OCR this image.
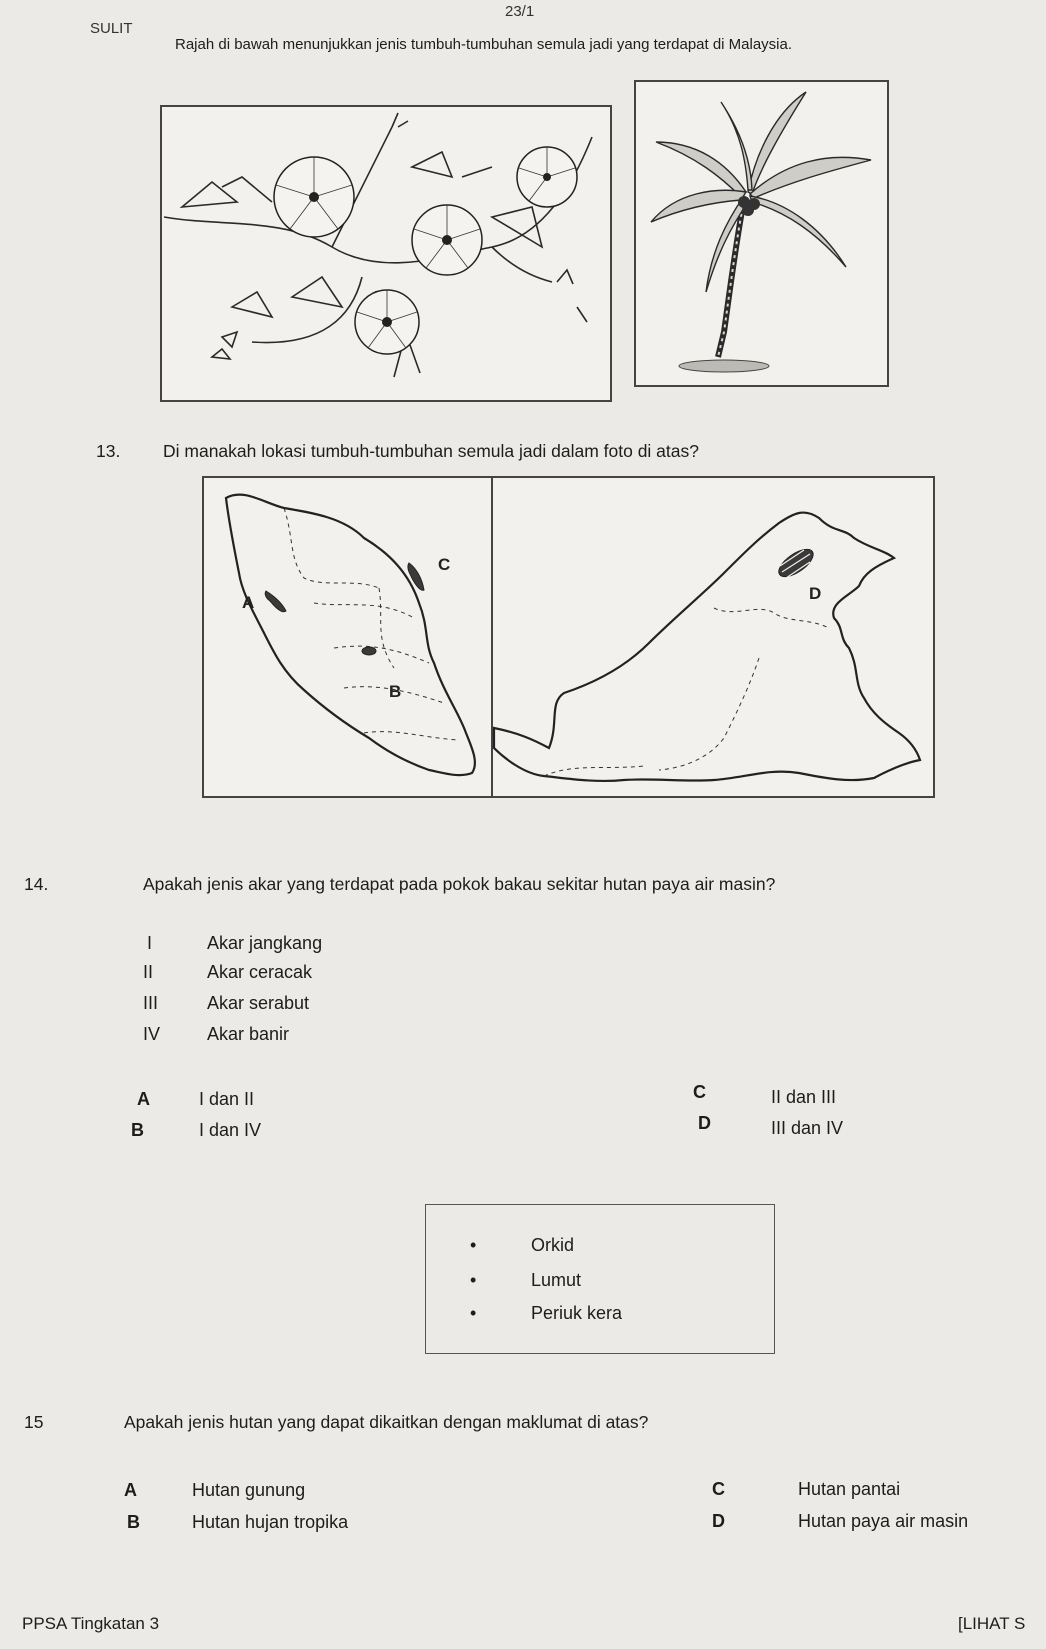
SULIT
23/1
Rajah di bawah menunjukkan jenis tumbuh-tumbuhan semula jadi yang terdapat di Malaysia.
13. Di manakah lokasi tumbuh-tumbuhan semula jadi dalam foto di atas?
A
B
C
D
14.	Apakah jenis akar yang terdapat pada pokok bakau sekitar hutan paya air masin?
I	Akar jangkang
II	Akar ceracak
III	Akar serabut
IV	Akar banir
A	I dan II
B	I dan IV
C	II dan III
D	III dan IV
•	Orkid
•	Lumut
•	Periuk kera
15	Apakah jenis hutan yang dapat dikaitkan dengan maklumat di atas?
A	Hutan gunung
B	Hutan hujan tropika
C	Hutan pantai
D	Hutan paya air masin
PPSA Tingkatan 3	[LIHAT S
